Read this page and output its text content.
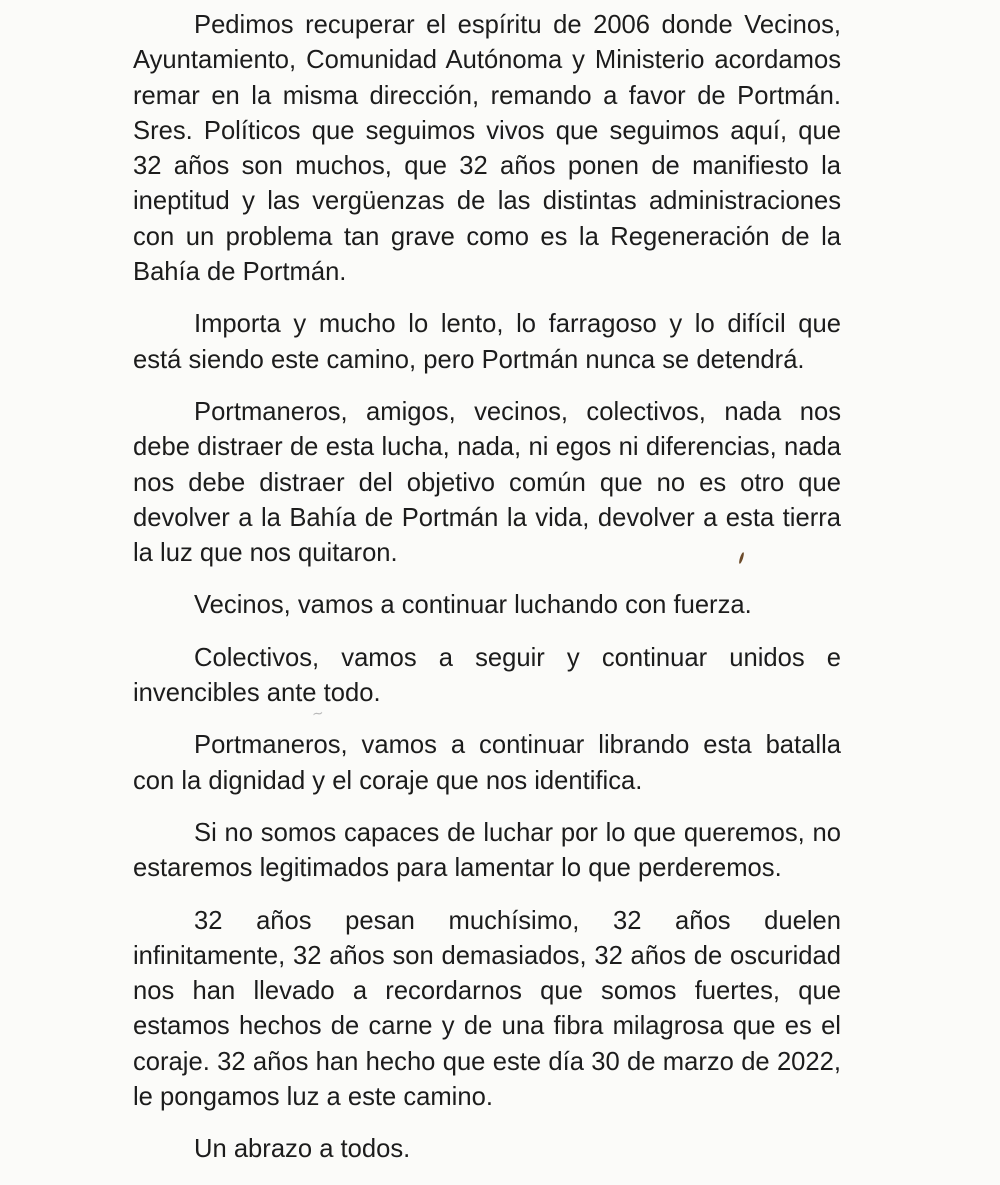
Pedimos recuperar el espíritu de 2006 donde Vecinos, Ayuntamiento, Comunidad Autónoma y Ministerio acordamos remar en la misma dirección, remando a favor de Portmán. Sres. Políticos que seguimos vivos que seguimos aquí, que 32 años son muchos, que 32 años ponen de manifiesto la ineptitud y las vergüenzas de las distintas administraciones con un problema tan grave como es la Regeneración de la Bahía de Portmán.

Importa y mucho lo lento, lo farragoso y lo difícil que está siendo este camino, pero Portmán nunca se detendrá.

Portmaneros, amigos, vecinos, colectivos, nada nos debe distraer de esta lucha, nada, ni egos ni diferencias, nada nos debe distraer del objetivo común que no es otro que devolver a la Bahía de Portmán la vida, devolver a esta tierra la luz que nos quitaron.

Vecinos, vamos a continuar luchando con fuerza.

Colectivos, vamos a seguir y continuar unidos e invencibles ante todo.

Portmaneros, vamos a continuar librando esta batalla con la dignidad y el coraje que nos identifica.

Si no somos capaces de luchar por lo que queremos, no estaremos legitimados para lamentar lo que perderemos.

32 años pesan muchísimo, 32 años duelen infinitamente, 32 años son demasiados, 32 años de oscuridad nos han llevado a recordarnos que somos fuertes, que estamos hechos de carne y de una fibra milagrosa que es el coraje. 32 años han hecho que este día 30 de marzo de 2022, le pongamos luz a este camino.

Un abrazo a todos.

~
